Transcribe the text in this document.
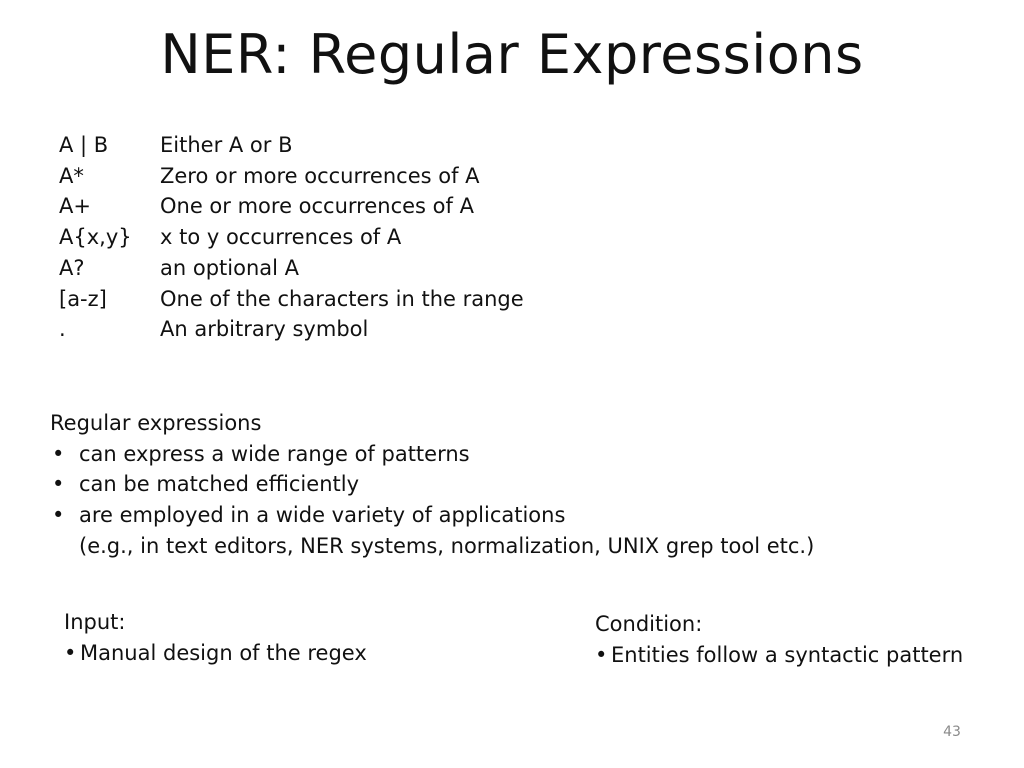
NER: Regular Expressions
A | B	Either A or B
A*	Zero or more occurrences of A
A+	One or more occurrences of A
A{x,y}	x to y occurrences of A
A?	an optional A
[a-z]	One of the characters in the range
.	An arbitrary symbol
Regular expressions
• can express a wide range of patterns
• can be matched efficiently
• are employed in a wide variety of applications
(e.g., in text editors, NER systems, normalization, UNIX grep tool etc.)
Input:
• Manual design of the regex
Condition:
• Entities follow a syntactic pattern
43
